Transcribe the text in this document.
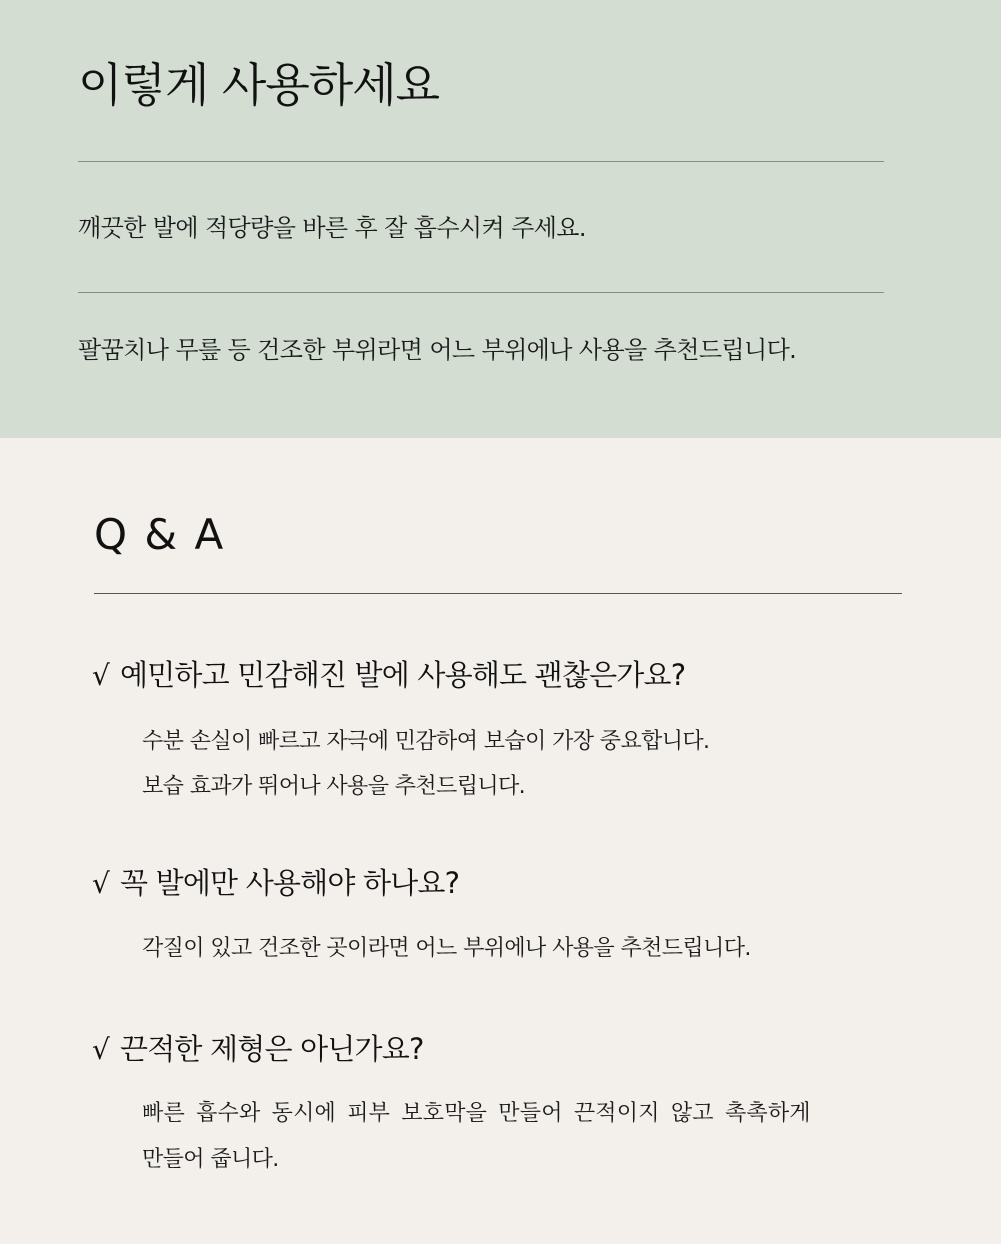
이렇게 사용하세요

깨끗한 발에 적당량을 바른 후 잘 흡수시켜 주세요.

팔꿈치나 무릎 등 건조한 부위라면 어느 부위에나 사용을 추천드립니다.

Q & A
√ 예민하고 민감해진 발에 사용해도 괜찮은가요?

수분 손실이 빠르고 자극에 민감하여 보습이 가장 중요합니다.

보습 효과가 뛰어나 사용을 추천드립니다.

√ 꼭 발에만 사용해야 하나요?

각질이 있고 건조한 곳이라면 어느 부위에나 사용을 추천드립니다.

√ 끈적한 제형은 아닌가요?

빠른 흡수와 동시에 피부 보호막을 만들어 끈적이지 않고 촉촉하게

만들어 줍니다.
